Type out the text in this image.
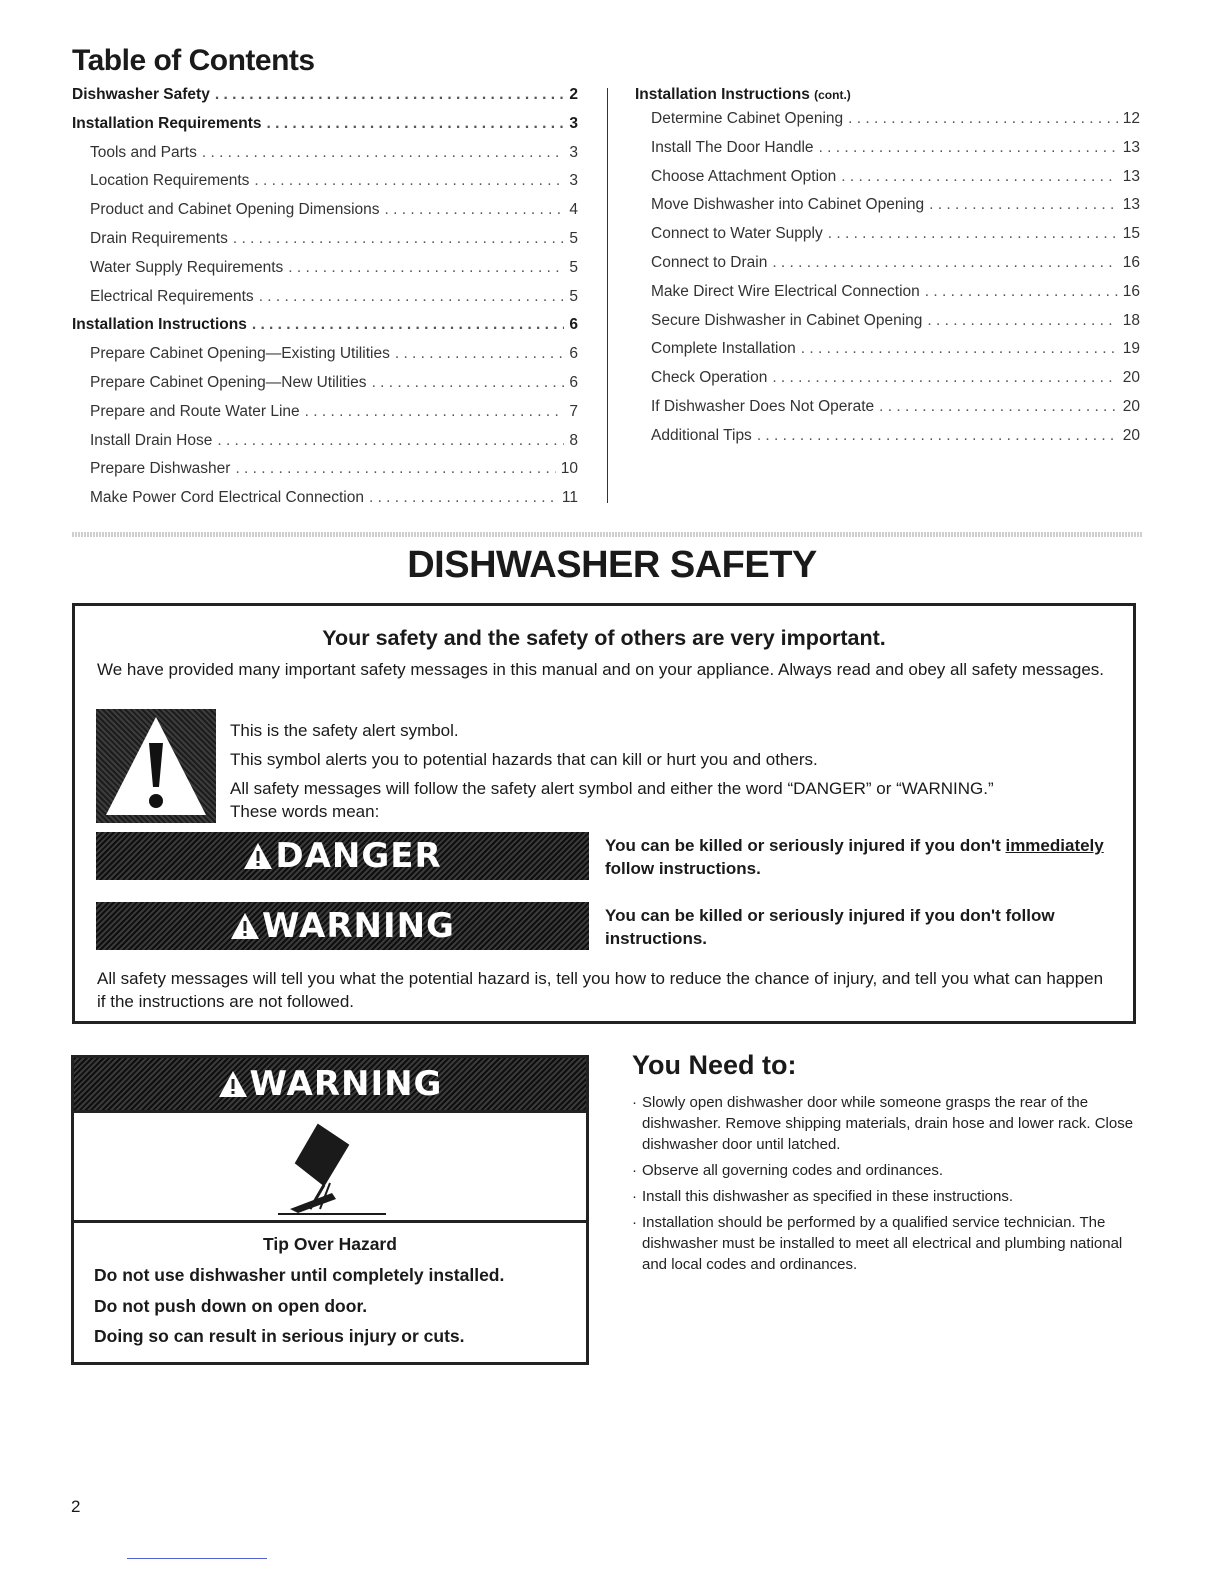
Table of Contents
Dishwasher Safety . . .	2
Installation Requirements . . .	3
Tools and Parts . . .	3
Location Requirements . . .	3
Product and Cabinet Opening Dimensions . . .	4
Drain Requirements . . .	5
Water Supply Requirements . . .	5
Electrical Requirements . . .	5
Installation Instructions . . .	6
Prepare Cabinet Opening—Existing Utilities . . .	6
Prepare Cabinet Opening—New Utilities . . .	6
Prepare and Route Water Line . . .	7
Install Drain Hose . . .	8
Prepare Dishwasher . . .	10
Make Power Cord Electrical Connection . . .	11
Installation Instructions (cont.)
Determine Cabinet Opening . . .	12
Install The Door Handle . . .	13
Choose Attachment Option . . .	13
Move Dishwasher into Cabinet Opening . . .	13
Connect to Water Supply . . .	15
Connect to Drain . . .	16
Make Direct Wire Electrical Connection . . .	16
Secure Dishwasher in Cabinet Opening . . .	18
Complete Installation . . .	19
Check Operation . . .	20
If Dishwasher Does Not Operate . . .	20
Additional Tips . . .	20
DISHWASHER SAFETY
Your safety and the safety of others are very important.
We have provided many important safety messages in this manual and on your appliance. Always read and obey all safety messages.
This is the safety alert symbol.
This symbol alerts you to potential hazards that can kill or hurt you and others.
All safety messages will follow the safety alert symbol and either the word “DANGER” or “WARNING.”
These words mean:
DANGER	You can be killed or seriously injured if you don't immediately follow instructions.
WARNING	You can be killed or seriously injured if you don't follow instructions.
All safety messages will tell you what the potential hazard is, tell you how to reduce the chance of injury, and tell you what can happen if the instructions are not followed.
WARNING
Tip Over Hazard
Do not use dishwasher until completely installed.
Do not push down on open door.
Doing so can result in serious injury or cuts.
You Need to:
· Slowly open dishwasher door while someone grasps the rear of the dishwasher. Remove shipping materials, drain hose and lower rack. Close dishwasher door until latched.
· Observe all governing codes and ordinances.
· Install this dishwasher as specified in these instructions.
· Installation should be performed by a qualified service technician. The dishwasher must be installed to meet all electrical and plumbing national and local codes and ordinances.
2
